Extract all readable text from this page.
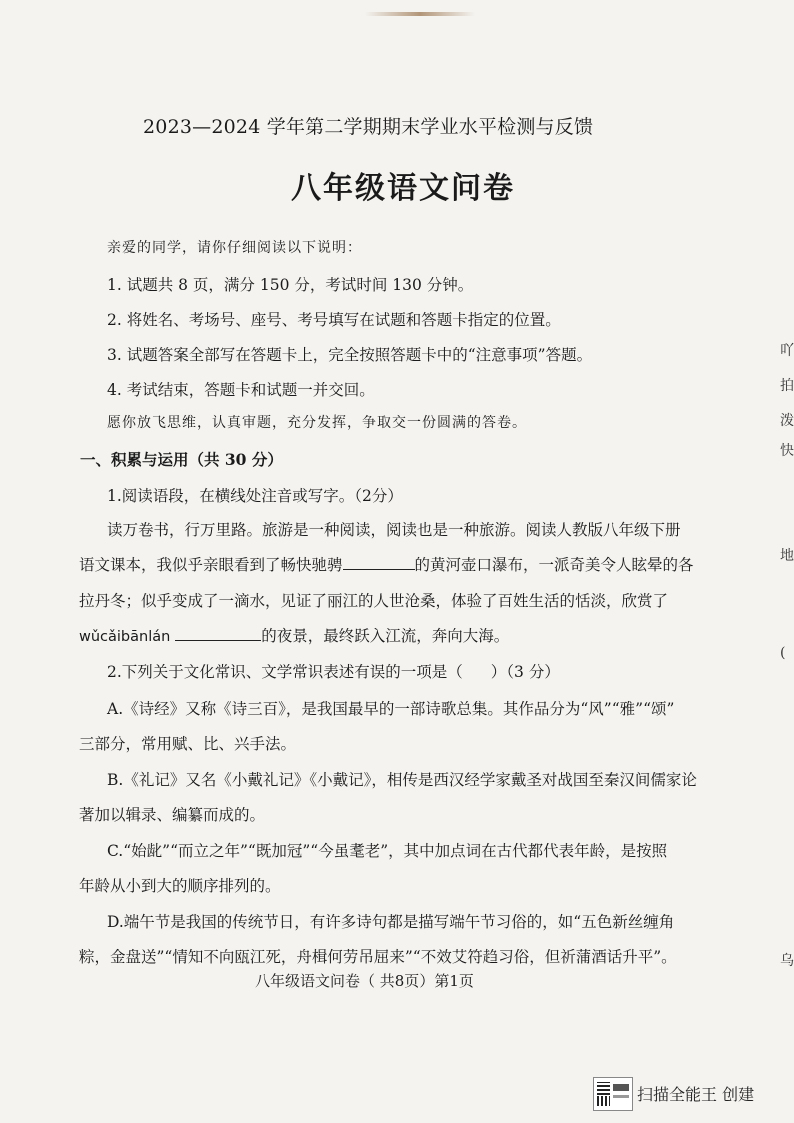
2023—2024 学年第二学期期末学业水平检测与反馈
八年级语文问卷
亲爱的同学，请你仔细阅读以下说明：
1. 试题共 8 页，满分 150 分，考试时间 130 分钟。
2. 将姓名、考场号、座号、考号填写在试题和答题卡指定的位置。
3. 试题答案全部写在答题卡上，完全按照答题卡中的“注意事项”答题。
4. 考试结束，答题卡和试题一并交回。
愿你放飞思维，认真审题，充分发挥，争取交一份圆满的答卷。
一、积累与运用（共 30 分）
1.阅读语段，在横线处注音或写字。（2分）
读万卷书，行万里路。旅游是一种阅读，阅读也是一种旅游。阅读人教版八年级下册
语文课本，我似乎亲眼看到了畅快驰骋	的黄河壶口瀑布，一派奇美令人眩晕的各
拉丹冬；似乎变成了一滴水，见证了丽江的人世沧桑，体验了百姓生活的恬淡，欣赏了
wǔcǎibānlán	的夜景，最终跃入江流，奔向大海。
2.下列关于文化常识、文学常识表述有误的一项是（ ）（3 分）
A.《诗经》又称《诗三百》，是我国最早的一部诗歌总集。其作品分为“风”“雅”“颂”
三部分，常用赋、比、兴手法。
B.《礼记》又名《小戴礼记》《小戴记》，相传是西汉经学家戴圣对战国至秦汉间儒家论
著加以辑录、编纂而成的。
C.“始龀”“而立之年”“既加冠”“今虽耄老”，其中加点词在古代都代表年龄，是按照
年龄从小到大的顺序排列的。
D.端午节是我国的传统节日，有许多诗句都是描写端午节习俗的，如“五色新丝缠角
粽，金盘送”“情知不向瓯江死，舟楫何劳吊屈来”“不效艾符趋习俗，但祈蒲酒话升平”。
八年级语文问卷（ 共8页）第1页
吖
拍
泼
快
地
(
乌
扫描全能王 创建
